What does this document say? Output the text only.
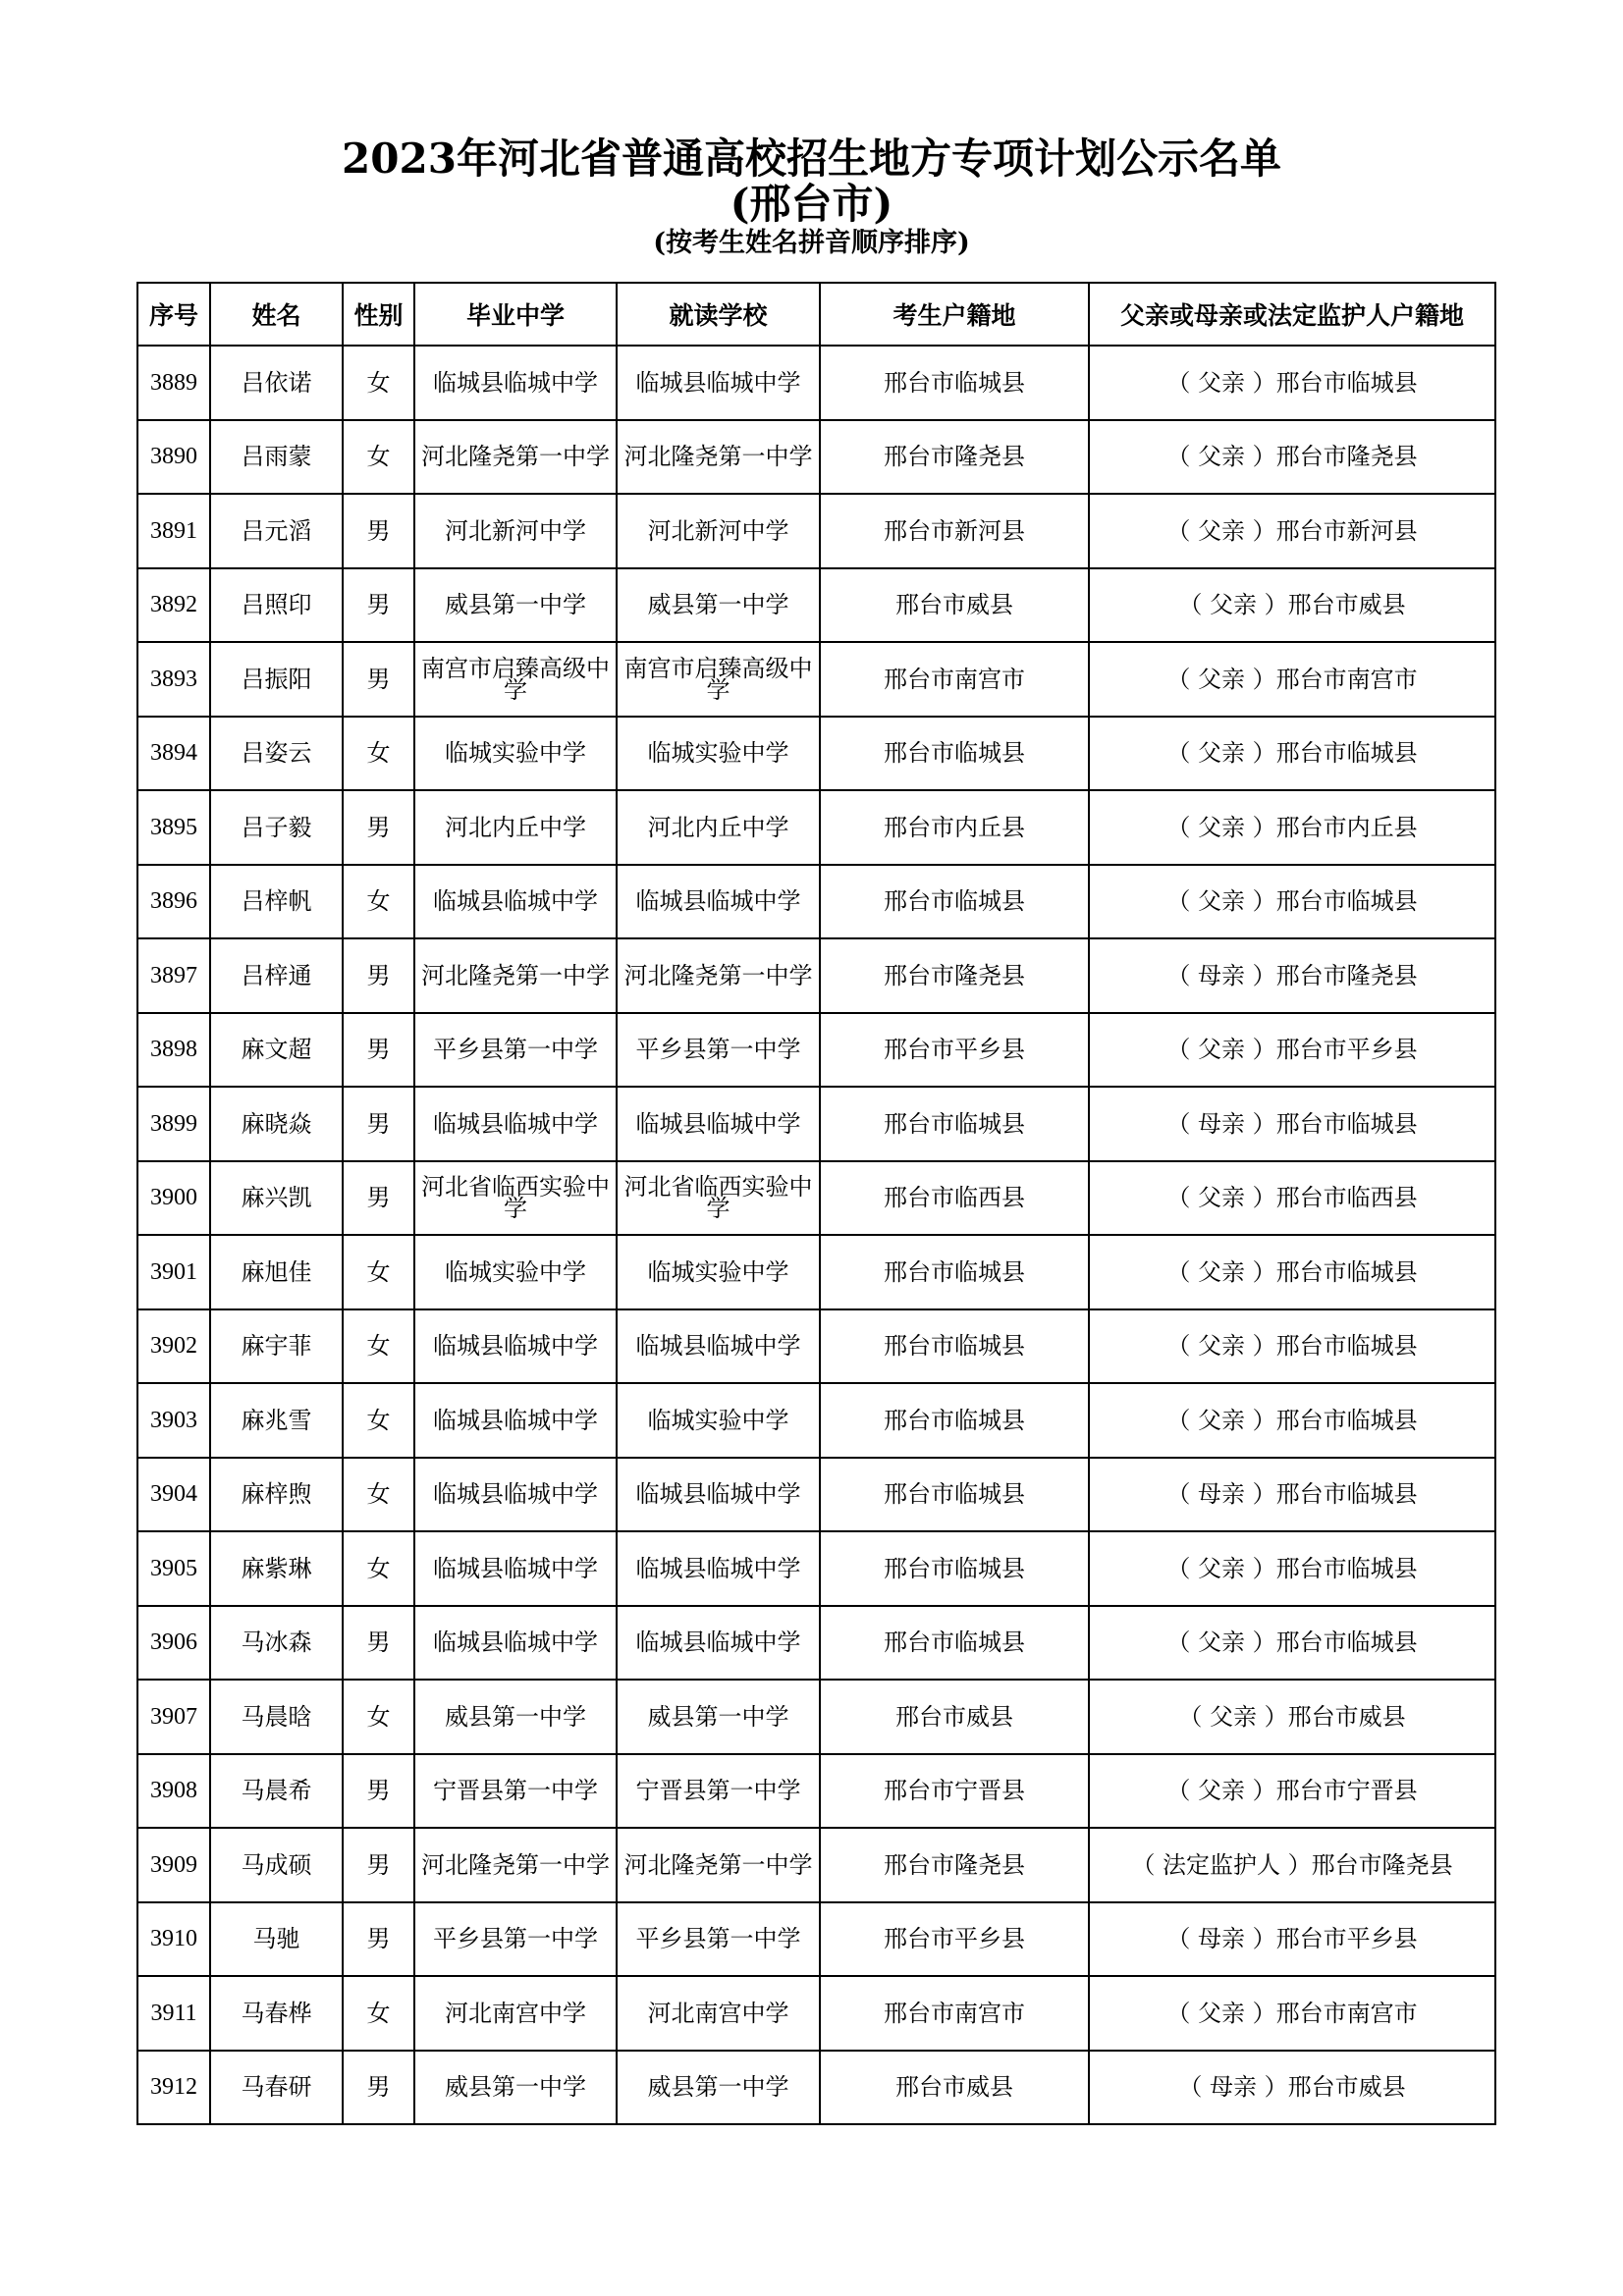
2023年河北省普通高校招生地方专项计划公示名单
(邢台市)
(按考生姓名拼音顺序排序)
序号	姓名	性别	毕业中学	就读学校	考生户籍地	父亲或母亲或法定监护人户籍地
3889	吕依诺	女	临城县临城中学	临城县临城中学	邢台市临城县	（ 父亲 ）邢台市临城县
3890	吕雨蒙	女	河北隆尧第一中学	河北隆尧第一中学	邢台市隆尧县	（ 父亲 ）邢台市隆尧县
3891	吕元滔	男	河北新河中学	河北新河中学	邢台市新河县	（ 父亲 ）邢台市新河县
3892	吕照印	男	威县第一中学	威县第一中学	邢台市威县	（ 父亲 ）邢台市威县
3893	吕振阳	男	南宫市启臻高级中学	南宫市启臻高级中学	邢台市南宫市	（ 父亲 ）邢台市南宫市
3894	吕姿云	女	临城实验中学	临城实验中学	邢台市临城县	（ 父亲 ）邢台市临城县
3895	吕子毅	男	河北内丘中学	河北内丘中学	邢台市内丘县	（ 父亲 ）邢台市内丘县
3896	吕梓帆	女	临城县临城中学	临城县临城中学	邢台市临城县	（ 父亲 ）邢台市临城县
3897	吕梓通	男	河北隆尧第一中学	河北隆尧第一中学	邢台市隆尧县	（ 母亲 ）邢台市隆尧县
3898	麻文超	男	平乡县第一中学	平乡县第一中学	邢台市平乡县	（ 父亲 ）邢台市平乡县
3899	麻晓焱	男	临城县临城中学	临城县临城中学	邢台市临城县	（ 母亲 ）邢台市临城县
3900	麻兴凯	男	河北省临西实验中学	河北省临西实验中学	邢台市临西县	（ 父亲 ）邢台市临西县
3901	麻旭佳	女	临城实验中学	临城实验中学	邢台市临城县	（ 父亲 ）邢台市临城县
3902	麻宇菲	女	临城县临城中学	临城县临城中学	邢台市临城县	（ 父亲 ）邢台市临城县
3903	麻兆雪	女	临城县临城中学	临城实验中学	邢台市临城县	（ 父亲 ）邢台市临城县
3904	麻梓煦	女	临城县临城中学	临城县临城中学	邢台市临城县	（ 母亲 ）邢台市临城县
3905	麻紫琳	女	临城县临城中学	临城县临城中学	邢台市临城县	（ 父亲 ）邢台市临城县
3906	马冰森	男	临城县临城中学	临城县临城中学	邢台市临城县	（ 父亲 ）邢台市临城县
3907	马晨晗	女	威县第一中学	威县第一中学	邢台市威县	（ 父亲 ）邢台市威县
3908	马晨希	男	宁晋县第一中学	宁晋县第一中学	邢台市宁晋县	（ 父亲 ）邢台市宁晋县
3909	马成硕	男	河北隆尧第一中学	河北隆尧第一中学	邢台市隆尧县	（ 法定监护人 ）邢台市隆尧县
3910	马驰	男	平乡县第一中学	平乡县第一中学	邢台市平乡县	（ 母亲 ）邢台市平乡县
3911	马春桦	女	河北南宫中学	河北南宫中学	邢台市南宫市	（ 父亲 ）邢台市南宫市
3912	马春研	男	威县第一中学	威县第一中学	邢台市威县	（ 母亲 ）邢台市威县
